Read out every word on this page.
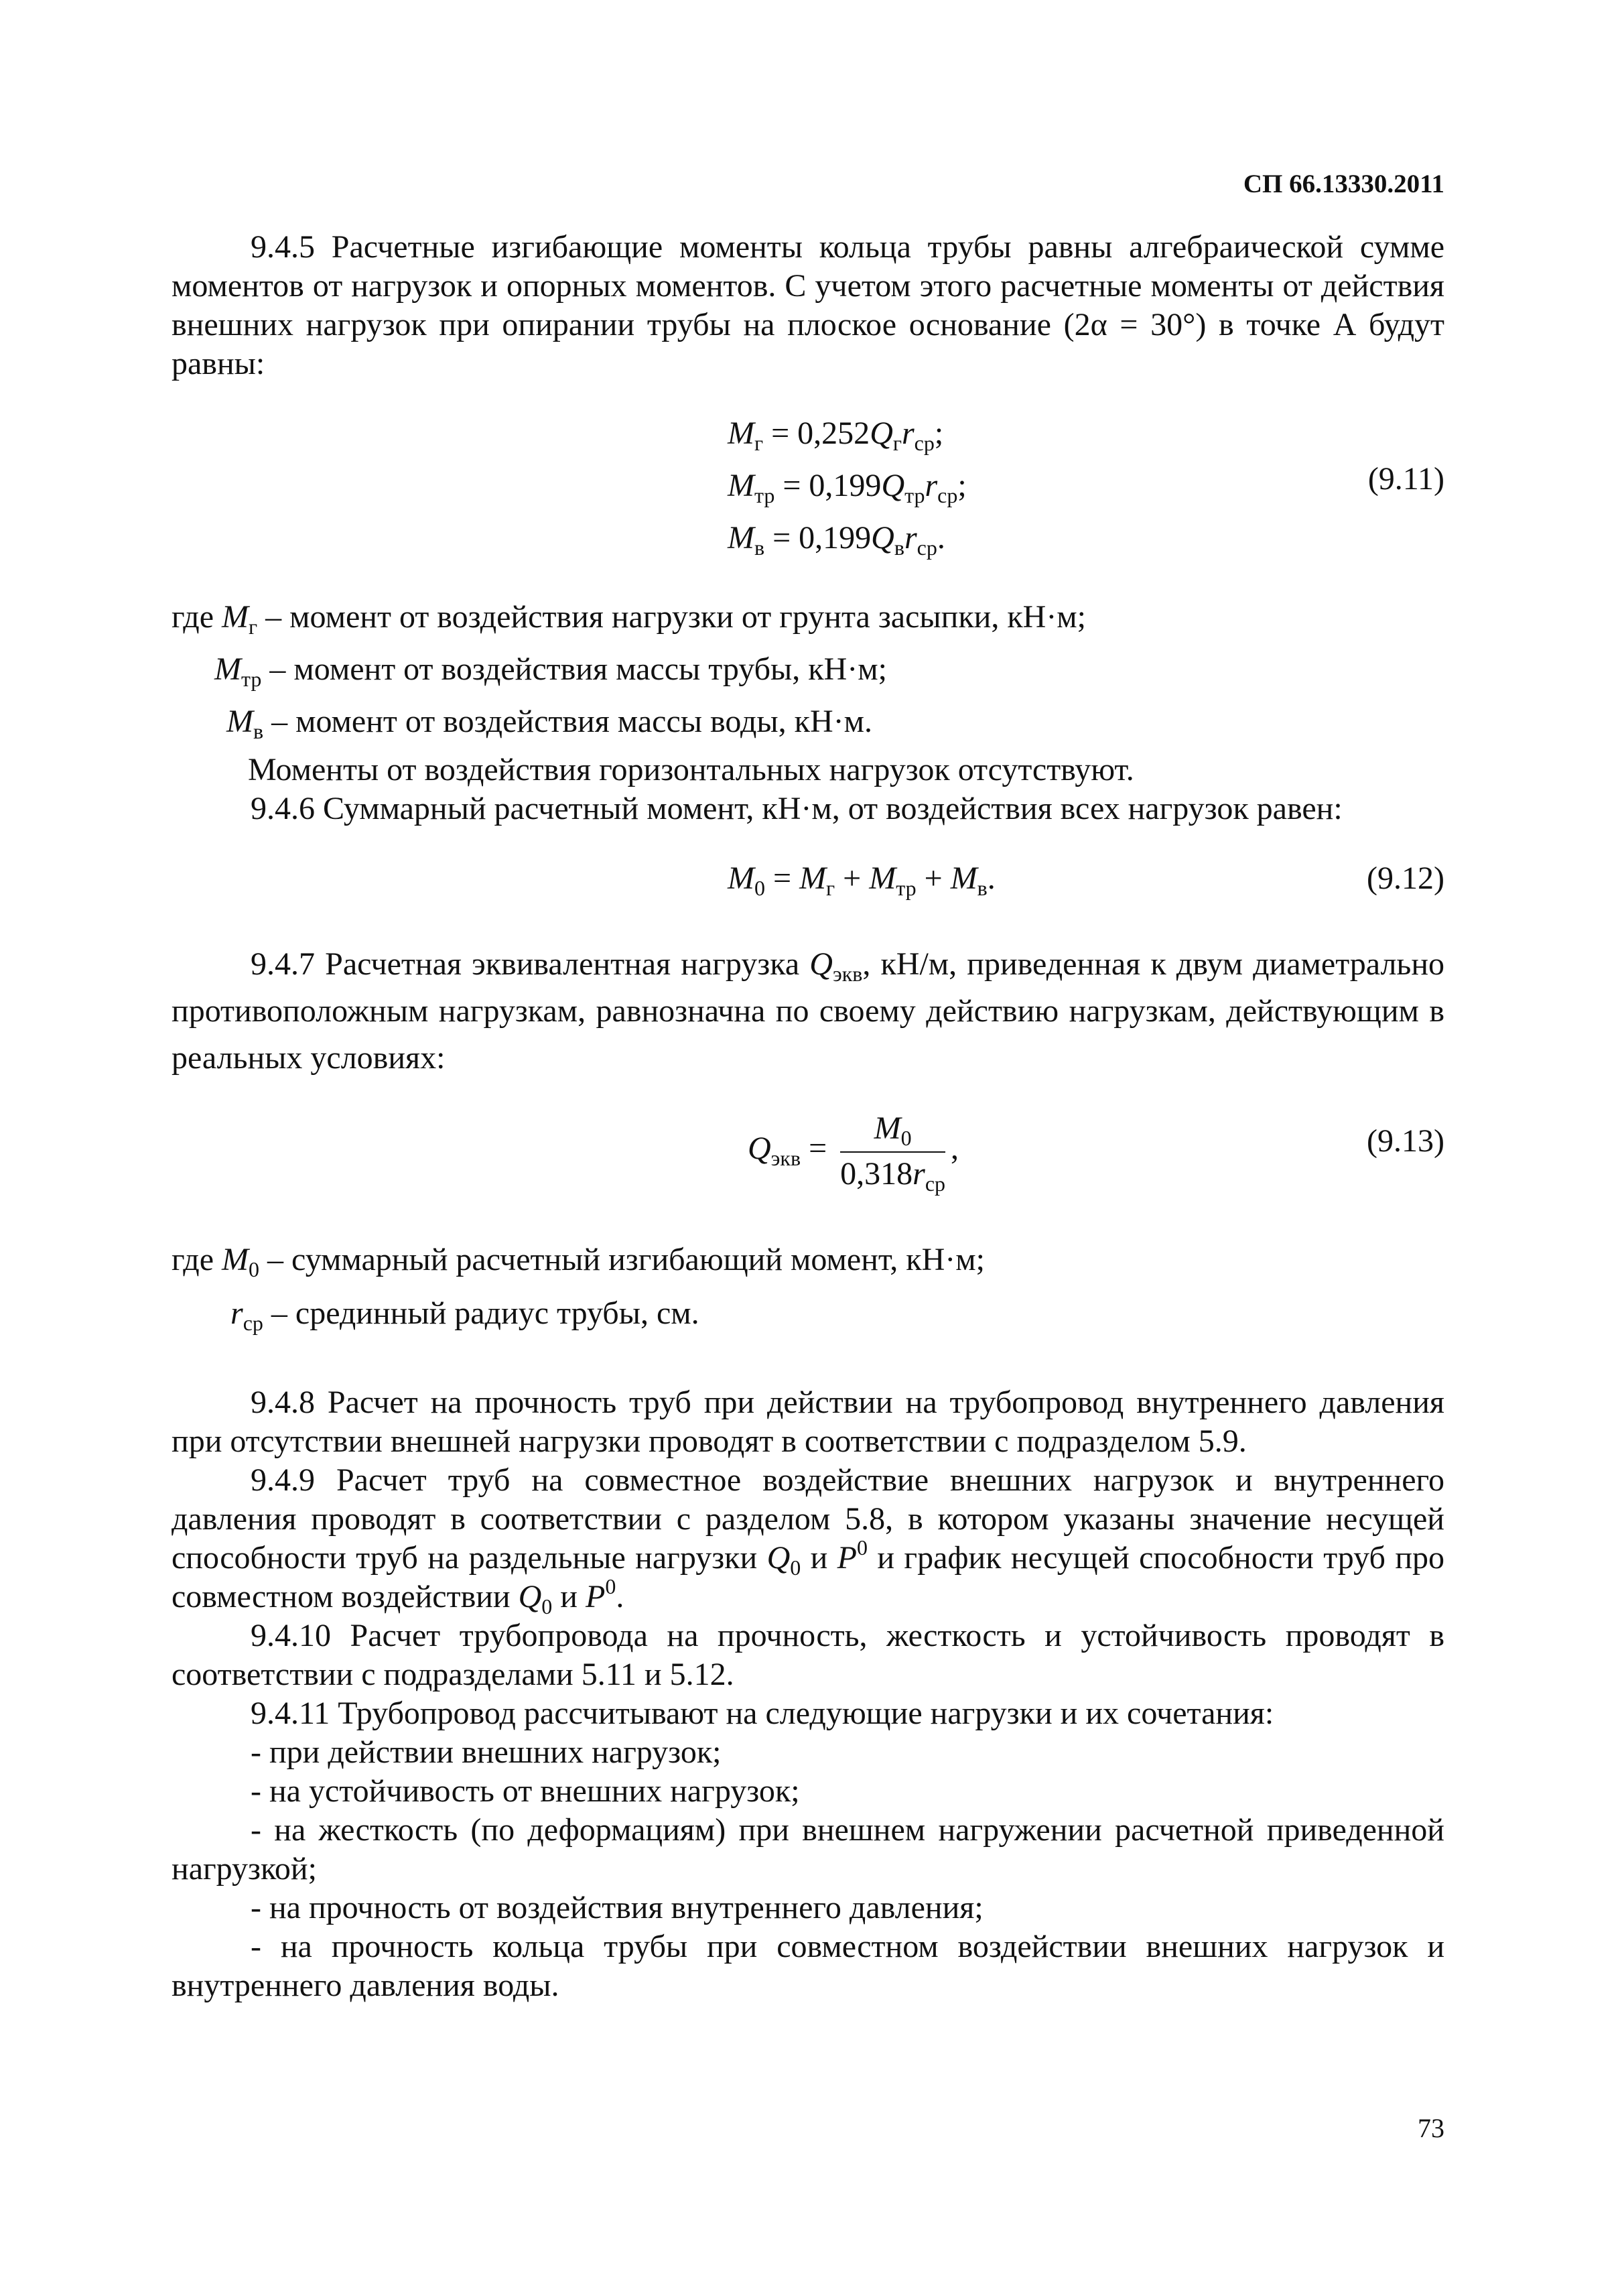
СП 66.13330.2011

9.4.5 Расчетные изгибающие моменты кольца трубы равны алгебраической сумме моментов от нагрузок и опорных моментов. С учетом этого расчетные моменты от действия внешних нагрузок при опирании трубы на плоское основание (2α = 30°) в точке А будут равны:

$M_г = 0,252Q_гr_{ср}$;
$M_{тр} = 0,199Q_{тр}r_{ср}$;
$M_в = 0,199Q_вr_{ср}$.
(9.11)
где $M_г$ – момент от воздействия нагрузки от грунта засыпки, кН·м;
$M_{тр}$ – момент от воздействия массы трубы, кН·м;
$M_в$ – момент от воздействия массы воды, кН·м.

Моменты от воздействия горизонтальных нагрузок отсутствуют.

9.4.6 Суммарный расчетный момент, кН·м, от воздействия всех нагрузок равен:

$M_0 = M_г + M_{тр} + M_в$.	(9.12)

9.4.7 Расчетная эквивалентная нагрузка $Q_{экв}$, кН/м, приведенная к двум диаметрально противоположным нагрузкам, равнозначна по своему действию нагрузкам, действующим в реальных условиях:

$Q_{экв} = \frac{M_0}{0,318r_{ср}}$ ,	(9.13)
где $M_0$ – суммарный расчетный изгибающий момент, кН·м;
$r_{ср}$ – срединный радиус трубы, см.

9.4.8 Расчет на прочность труб при действии на трубопровод внутреннего давления при отсутствии внешней нагрузки проводят в соответствии с подразделом 5.9.

9.4.9 Расчет труб на совместное воздействие внешних нагрузок и внутреннего давления проводят в соответствии с разделом 5.8, в котором указаны значение несущей способности труб на раздельные нагрузки $Q_0$ и $P^0$ и график несущей способности труб про совместном воздействии $Q_0$ и $P^0$.

9.4.10 Расчет трубопровода на прочность, жесткость и устойчивость проводят в соответствии с подразделами 5.11 и 5.12.

9.4.11 Трубопровод рассчитывают на следующие нагрузки и их сочетания:

- при действии внешних нагрузок;

- на устойчивость от внешних нагрузок;

- на жесткость (по деформациям) при внешнем нагружении расчетной приведенной нагрузкой;

- на прочность от воздействия внутреннего давления;

- на прочность кольца трубы при совместном воздействии внешних нагрузок и внутреннего давления воды.

73
